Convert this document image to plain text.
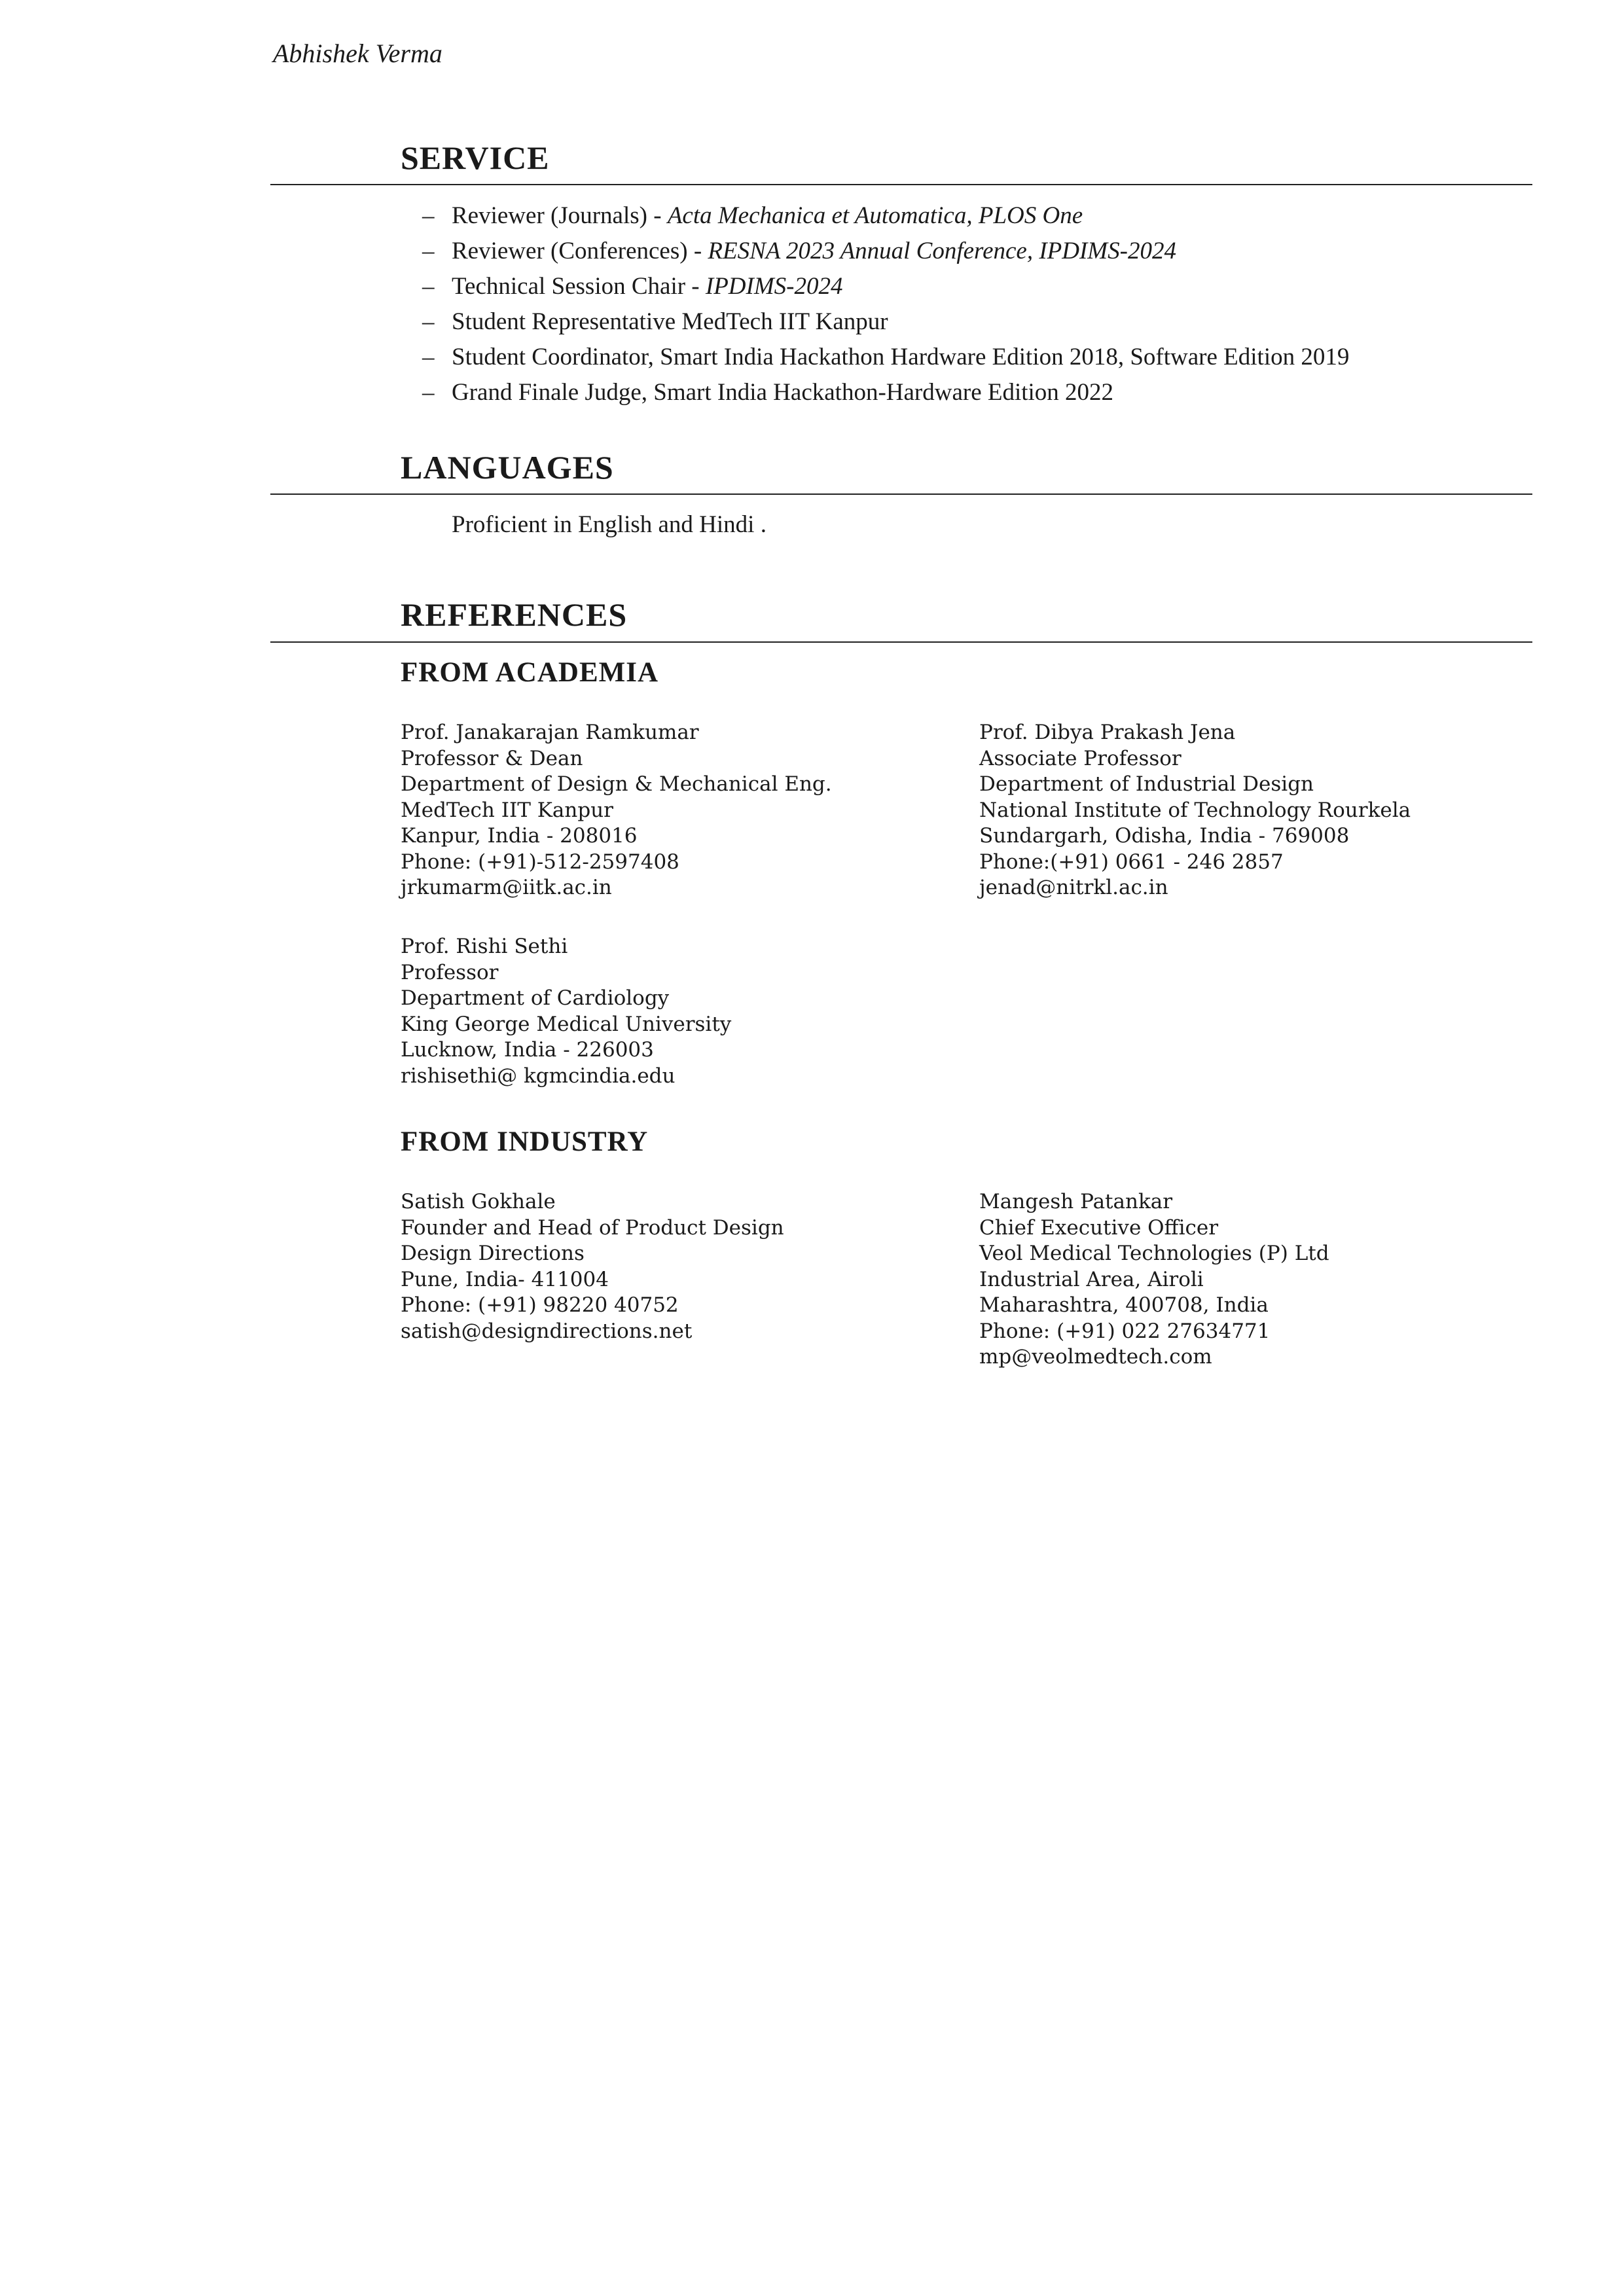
Abhishek Verma
SERVICE
– Reviewer (Journals) - Acta Mechanica et Automatica, PLOS One
– Reviewer (Conferences) - RESNA 2023 Annual Conference, IPDIMS-2024
– Technical Session Chair - IPDIMS-2024
– Student Representative MedTech IIT Kanpur
– Student Coordinator, Smart India Hackathon Hardware Edition 2018, Software Edition 2019
– Grand Finale Judge, Smart India Hackathon-Hardware Edition 2022
LANGUAGES
Proficient in English and Hindi .
REFERENCES
FROM ACADEMIA
Prof. Janakarajan Ramkumar
Professor & Dean
Department of Design & Mechanical Eng.
MedTech IIT Kanpur
Kanpur, India - 208016
Phone: (+91)-512-2597408
jrkumarm@iitk.ac.in
Prof. Dibya Prakash Jena
Associate Professor
Department of Industrial Design
National Institute of Technology Rourkela
Sundargarh, Odisha, India - 769008
Phone:(+91) 0661 - 246 2857
jenad@nitrkl.ac.in
Prof. Rishi Sethi
Professor
Department of Cardiology
King George Medical University
Lucknow, India - 226003
rishisethi@ kgmcindia.edu
FROM INDUSTRY
Satish Gokhale
Founder and Head of Product Design
Design Directions
Pune, India- 411004
Phone: (+91) 98220 40752
satish@designdirections.net
Mangesh Patankar
Chief Executive Officer
Veol Medical Technologies (P) Ltd
Industrial Area, Airoli
Maharashtra, 400708, India
Phone: (+91) 022 27634771
mp@veolmedtech.com
